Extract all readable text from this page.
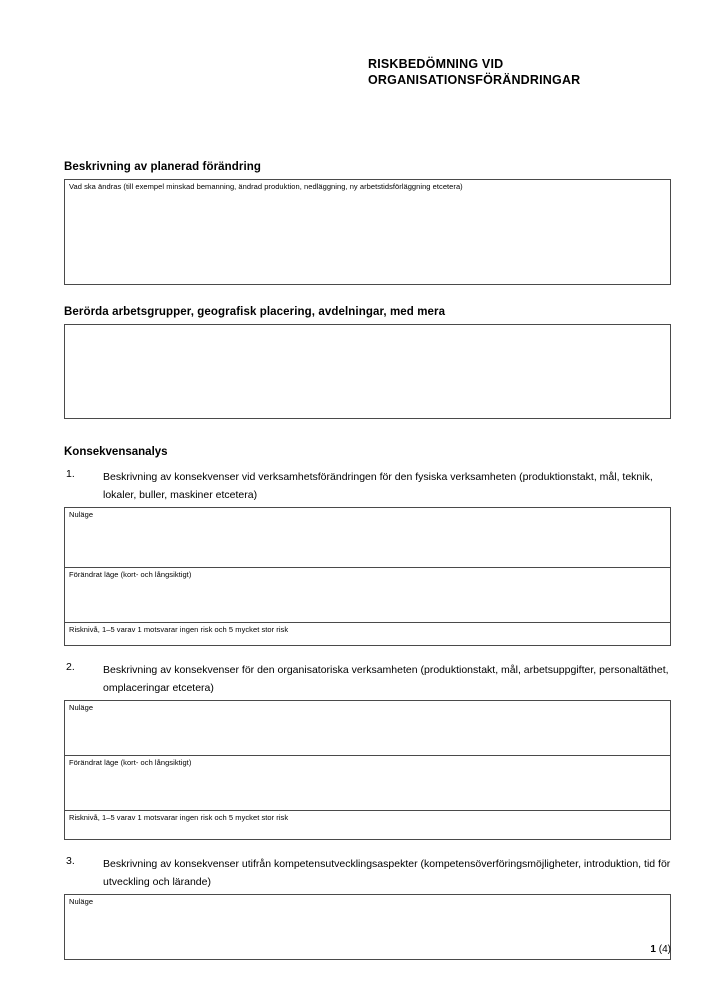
RISKBEDÖMNING VID
ORGANISATIONSFÖRÄNDRINGAR
Beskrivning av planerad förändring
Vad ska ändras (till exempel minskad bemanning, ändrad produktion, nedläggning, ny arbetstidsförläggning etcetera)
Berörda arbetsgrupper, geografisk placering, avdelningar, med mera
Konsekvensanalys
1.	Beskrivning av konsekvenser vid verksamhetsförändringen för den fysiska verksamheten (produktionstakt, mål, teknik, lokaler, buller, maskiner etcetera)
Nuläge
Förändrat läge (kort- och långsiktigt)
Risknivå, 1–5 varav 1 motsvarar ingen risk och 5 mycket stor risk
2.	Beskrivning av konsekvenser för den organisatoriska verksamheten (produktionstakt, mål, arbetsuppgifter, personaltäthet, omplaceringar etcetera)
Nuläge
Förändrat läge (kort- och långsiktigt)
Risknivå, 1–5 varav 1 motsvarar ingen risk och 5 mycket stor risk
3.	Beskrivning av konsekvenser utifrån kompetensutvecklingsaspekter (kompetensöverföringsmöjligheter, introduktion, tid för utveckling och lärande)
Nuläge
1 (4)
